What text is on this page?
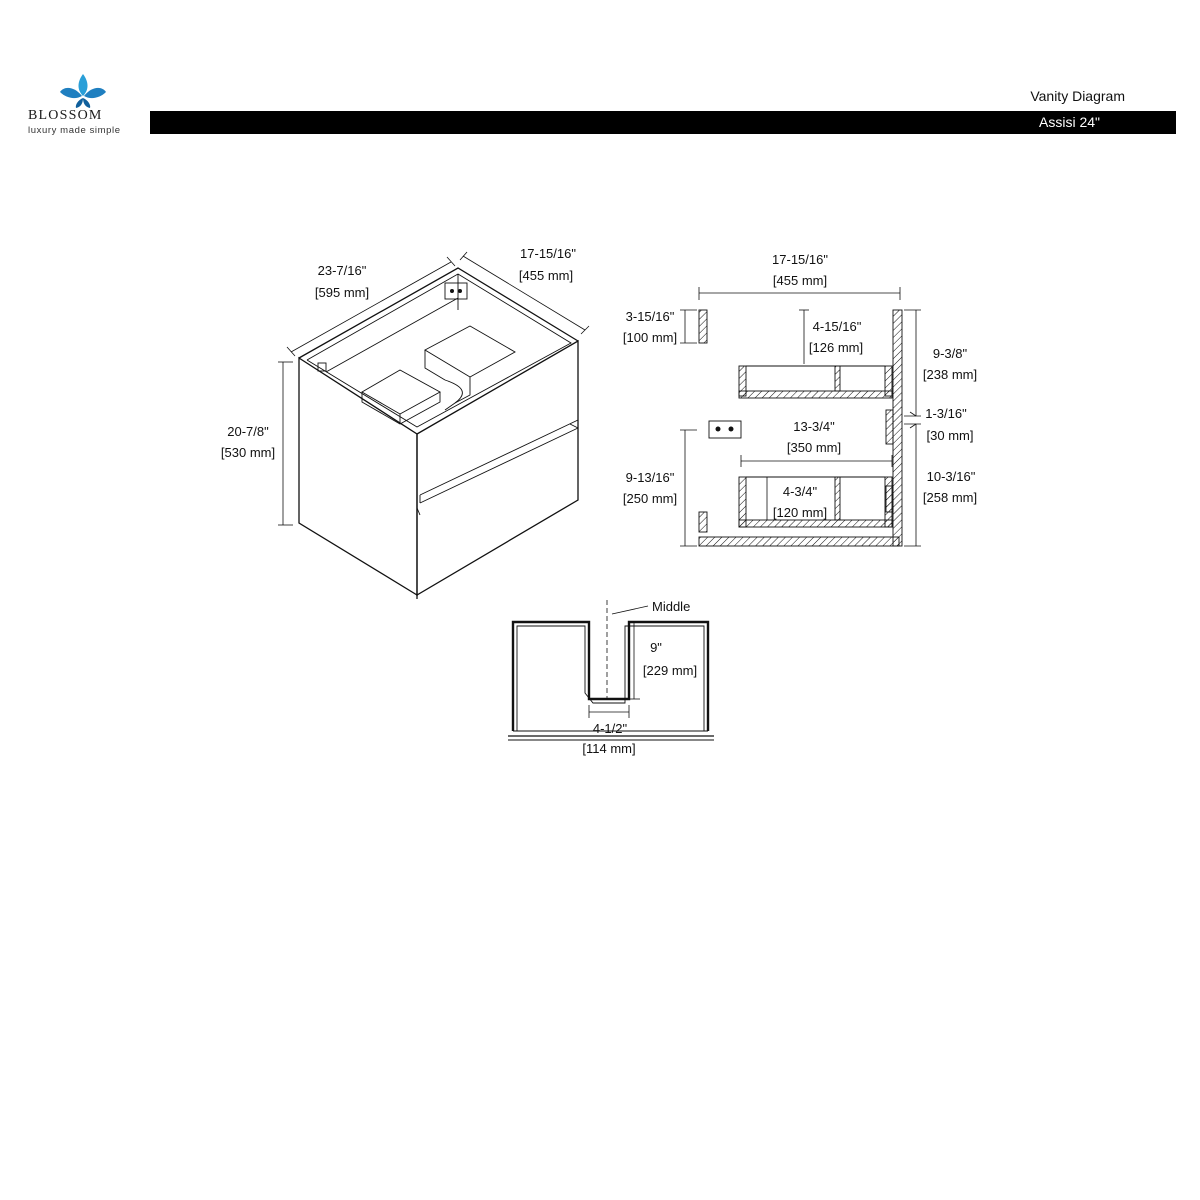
BLOSSOM
luxury made simple
Vanity Diagram
Assisi 24"
23-7/16"
[595 mm]
17-15/16"
[455 mm]
20-7/8"
[530 mm]
17-15/16"
[455 mm]
3-15/16"
[100 mm]
4-15/16"
[126 mm]	9-3/8"
[238 mm]
1-3/16"
[30 mm]
13-3/4"
[350 mm]
9-13/16"
[250 mm]
10-3/16"
[258 mm]
4-3/4"
[120 mm]
Middle
9"
[229 mm]
4-1/2"
[114 mm]
